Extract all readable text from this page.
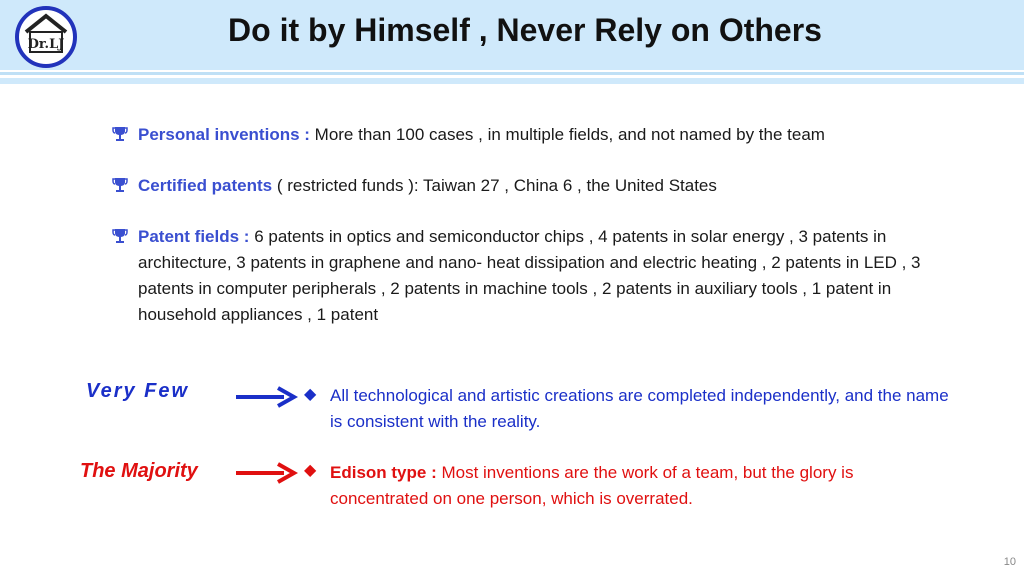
Dr.LJ	Do it by Himself , Never Rely on Others
Personal inventions : More than 100 cases , in multiple fields, and not named by the team
Certified patents ( restricted funds ): Taiwan 27 , China 6 , the United States
Patent fields : 6 patents in optics and semiconductor chips , 4 patents in solar energy , 3 patents in architecture, 3 patents in graphene and nano- heat dissipation and electric heating , 2 patents in LED , 3 patents in computer peripherals , 2 patents in machine tools , 2 patents in auxiliary tools , 1 patent in household appliances , 1 patent
Very Few	◆ All technological and artistic creations are completed independently, and the name is consistent with the reality.
The Majority	◆ Edison type : Most inventions are the work of a team, but the glory is concentrated on one person, which is overrated.
10
